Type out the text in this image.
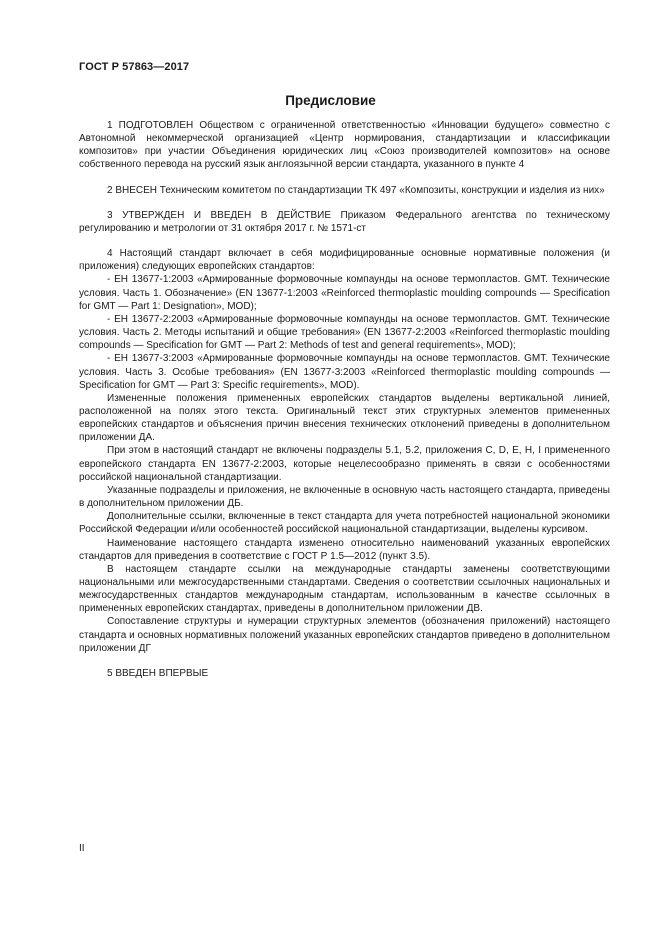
ГОСТ Р 57863—2017
Предисловие

1 ПОДГОТОВЛЕН Обществом с ограниченной ответственностью «Инновации будущего» совместно с Автономной некоммерческой организацией «Центр нормирования, стандартизации и классификации композитов» при участии Объединения юридических лиц «Союз производителей композитов» на основе собственного перевода на русский язык англоязычной версии стандарта, указанного в пункте 4

2 ВНЕСЕН Техническим комитетом по стандартизации ТК 497 «Композиты, конструкции и изделия из них»

3 УТВЕРЖДЕН И ВВЕДЕН В ДЕЙСТВИЕ Приказом Федерального агентства по техническому регулированию и метрологии от 31 октября 2017 г. № 1571-ст

4 Настоящий стандарт включает в себя модифицированные основные нормативные положения (и приложения) следующих европейских стандартов:

- ЕН 13677-1:2003 «Армированные формовочные компаунды на основе термопластов. GMT. Технические условия. Часть 1. Обозначение» (EN 13677-1:2003 «Reinforced thermoplastic moulding compounds — Specification for GMT — Part 1: Designation», MOD);

- ЕН 13677-2:2003 «Армированные формовочные компаунды на основе термопластов. GMT. Технические условия. Часть 2. Методы испытаний и общие требования» (EN 13677-2:2003 «Reinforced thermoplastic moulding compounds — Specification for GMT — Part 2: Methods of test and general requirements», MOD);

- ЕН 13677-3:2003 «Армированные формовочные компаунды на основе термопластов. GMT. Технические условия. Часть 3. Особые требования» (EN 13677-3:2003 «Reinforced thermoplastic moulding compounds — Specification for GMT — Part 3: Specific requirements», MOD).

Измененные положения примененных европейских стандартов выделены вертикальной линией, расположенной на полях этого текста. Оригинальный текст этих структурных элементов примененных европейских стандартов и объяснения причин внесения технических отклонений приведены в дополнительном приложении ДА.

При этом в настоящий стандарт не включены подразделы 5.1, 5.2, приложения C, D, E, H, I примененного европейского стандарта EN 13677-2:2003, которые нецелесообразно применять в связи с особенностями российской национальной стандартизации.

Указанные подразделы и приложения, не включенные в основную часть настоящего стандарта, приведены в дополнительном приложении ДБ.

Дополнительные ссылки, включенные в текст стандарта для учета потребностей национальной экономики Российской Федерации и/или особенностей российской национальной стандартизации, выделены курсивом.

Наименование настоящего стандарта изменено относительно наименований указанных европейских стандартов для приведения в соответствие с ГОСТ Р 1.5—2012 (пункт 3.5).

В настоящем стандарте ссылки на международные стандарты заменены соответствующими национальными или межгосударственными стандартами. Сведения о соответствии ссылочных национальных и межгосударственных стандартов международным стандартам, использованным в качестве ссылочных в примененных европейских стандартах, приведены в дополнительном приложении ДВ.

Сопоставление структуры и нумерации структурных элементов (обозначения приложений) настоящего стандарта и основных нормативных положений указанных европейских стандартов приведено в дополнительном приложении ДГ

5 ВВЕДЕН ВПЕРВЫЕ

II
